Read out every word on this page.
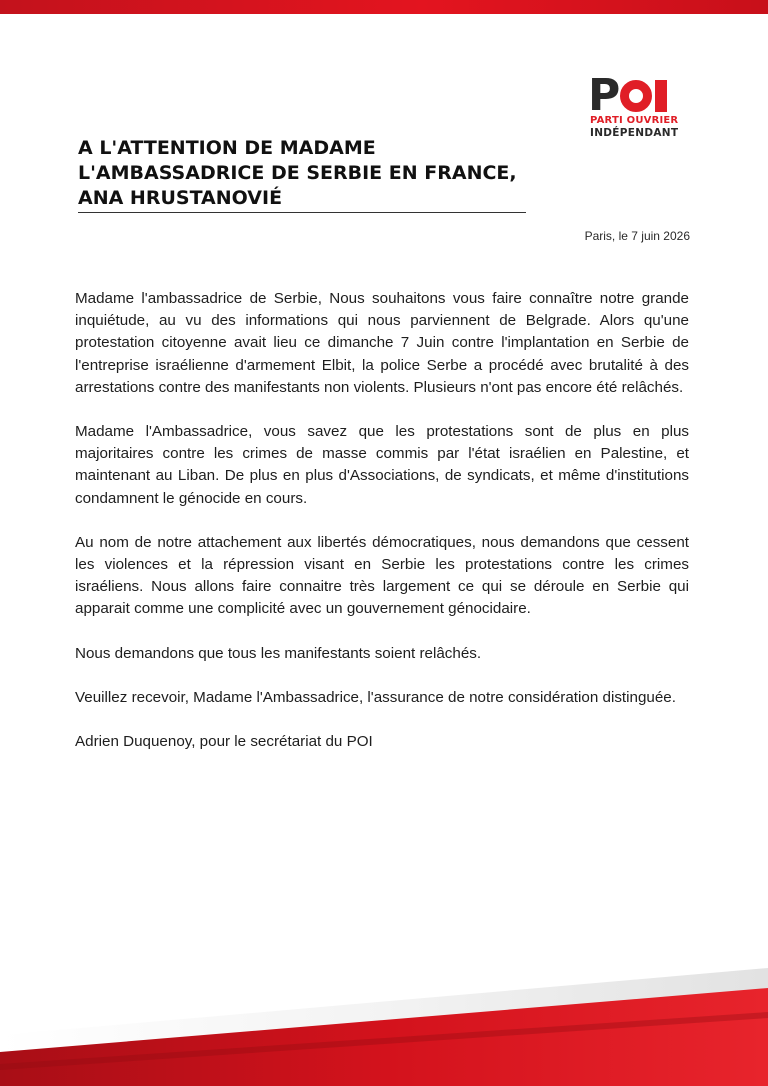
P
PARTI OUVRIER
INDÉPENDANT
A L'ATTENTION DE MADAME
L'AMBASSADRICE DE SERBIE EN FRANCE,
ANA HRUSTANOVIÉ
Paris, le 7 juin 2026

Madame l'ambassadrice de Serbie, Nous souhaitons vous faire connaître notre grande inquiétude, au vu des informations qui nous parviennent de Belgrade. Alors qu'une protestation citoyenne avait lieu ce dimanche 7 Juin contre l'implantation en Serbie de l'entreprise israélienne d'armement Elbit, la police Serbe a procédé avec brutalité à des arrestations contre des manifestants non violents. Plusieurs n'ont pas encore été relâchés.

Madame l'Ambassadrice, vous savez que les protestations sont de plus en plus majoritaires contre les crimes de masse commis par l'état israélien en Palestine, et maintenant au Liban. De plus en plus d'Associations, de syndicats, et même d'institutions condamnent le génocide en cours.

Au nom de notre attachement aux libertés démocratiques, nous demandons que cessent les violences et la répression visant en Serbie les protestations contre les crimes israéliens. Nous allons faire connaitre très largement ce qui se déroule en Serbie qui apparait comme une complicité avec un gouvernement génocidaire.

Nous demandons que tous les manifestants soient relâchés.

Veuillez recevoir, Madame l'Ambassadrice, l'assurance de notre considération distinguée.

Adrien Duquenoy, pour le secrétariat du POI
